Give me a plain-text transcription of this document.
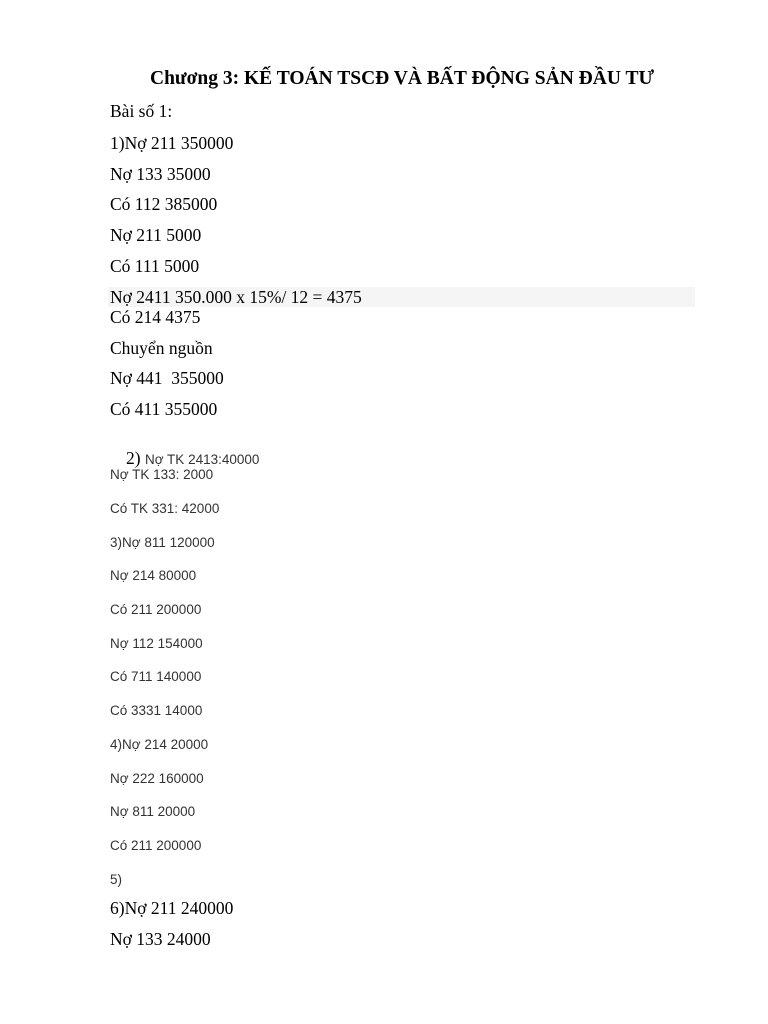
Chương 3: KẾ TOÁN TSCĐ VÀ BẤT ĐỘNG SẢN ĐẦU TƯ
Bài số 1:
1)Nợ 211 350000
Nợ 133 35000
Có 112 385000
Nợ 211 5000
Có 111 5000
Nợ 2411 350.000 x 15%/ 12 = 4375
Có 214 4375
Chuyển nguồn
Nợ 441  355000
Có 411 355000

2) Nợ TK 2413:40000

Nợ TK 133: 2000
Có TK 331: 42000
3)Nợ 811 120000
Nợ 214 80000
Có 211 200000
Nợ 112 154000
Có 711 140000
Có 3331 14000
4)Nợ 214 20000
Nợ 222 160000
Nợ 811 20000
Có 211 200000
5)
6)Nợ 211 240000
Nợ 133 24000
